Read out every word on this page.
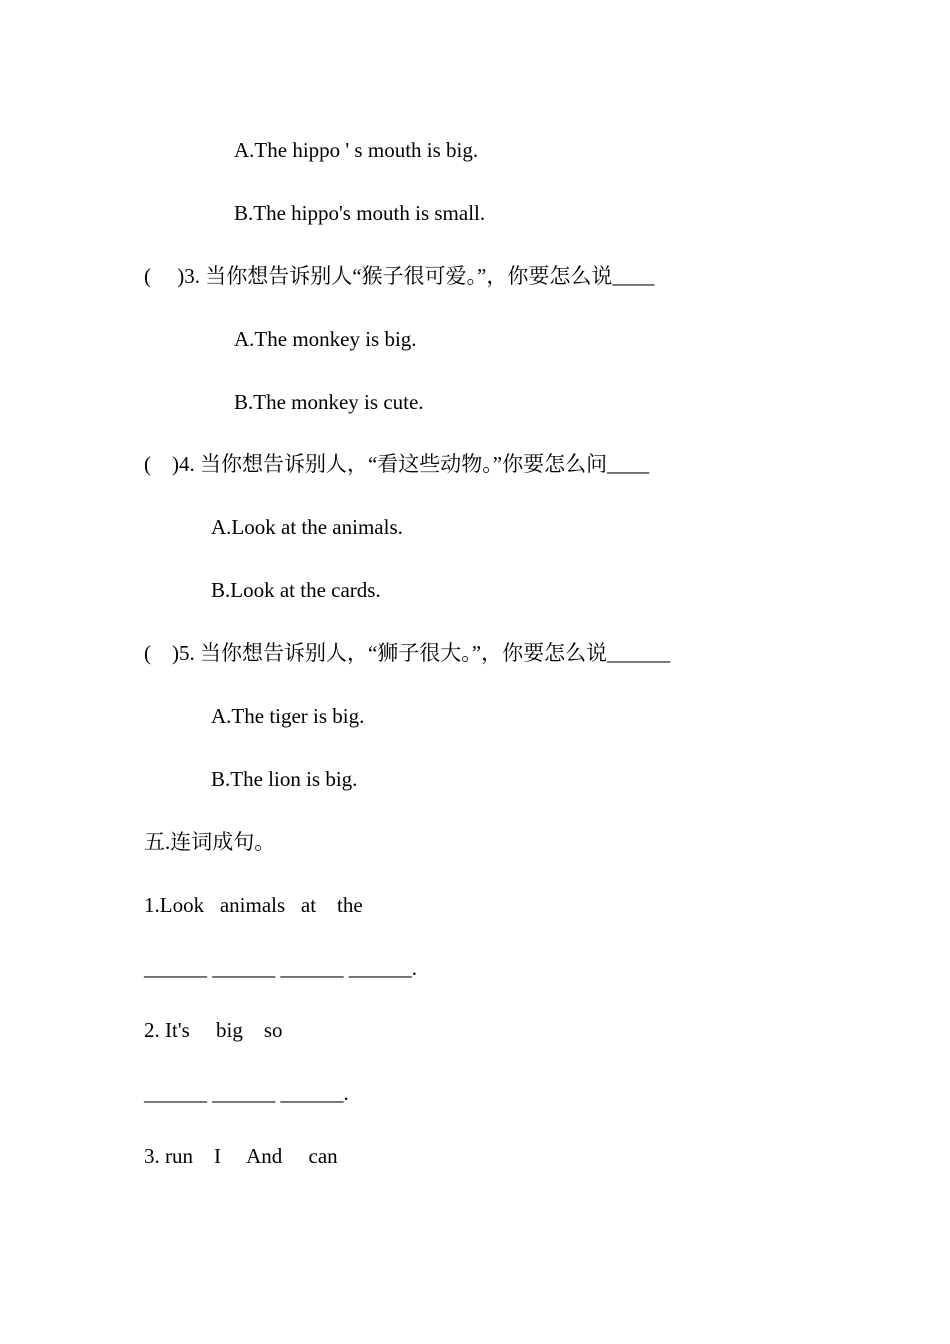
A.The hippo ' s mouth is big.
B.The hippo's mouth is small.
(     )3. 当你想告诉别人“猴子很可爱。”，你要怎么说____
A.The monkey is big.
B.The monkey is cute.
(    )4. 当你想告诉别人，“看这些动物。”你要怎么问____
A.Look at the animals.
B.Look at the cards.
(    )5. 当你想告诉别人，“狮子很大。”，你要怎么说______
A.The tiger is big.
B.The lion is big.
五.连词成句。
1.Look   animals   at    the
______ ______ ______ ______.
2. It's     big    so
______ ______ ______.
3. run    I     And     can
